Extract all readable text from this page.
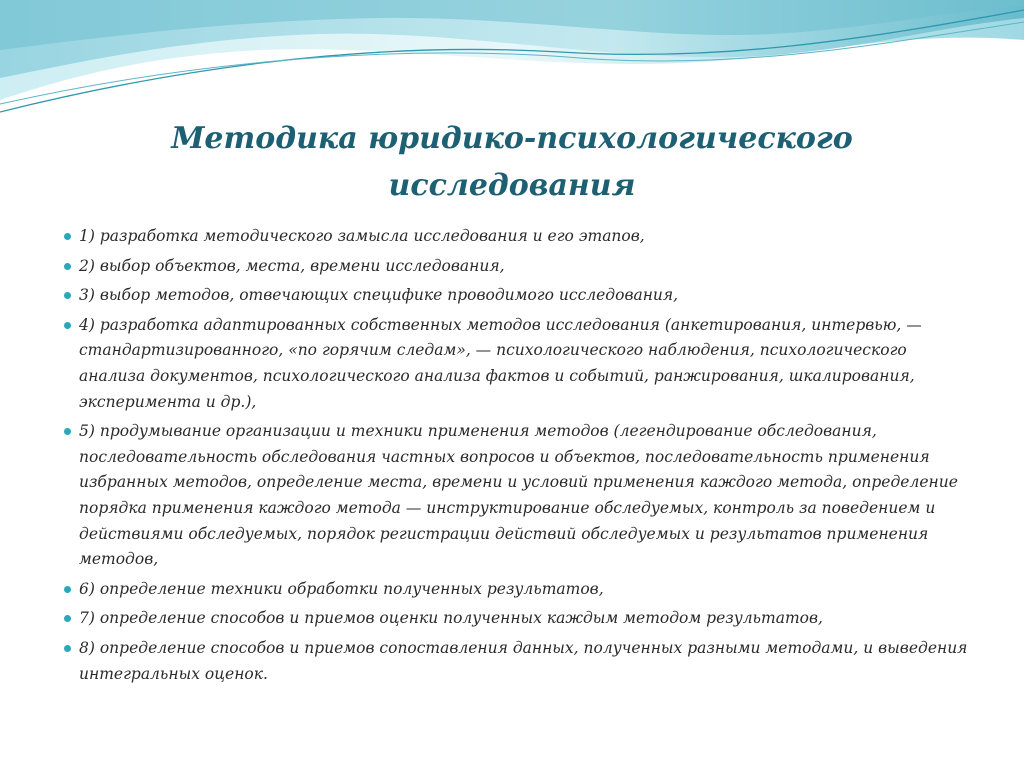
Методика юридико-психологического
исследования
1) разработка методического замысла исследования и его этапов,
2) выбор объектов, места, времени исследования,
3) выбор методов, отвечающих специфике проводимого исследования,
4) разработка адаптированных собственных методов исследования (анкетирования, интервью, — стандартизированного, «по горячим следам», — психологического наблюдения, психологического анализа документов, психологического анализа фактов и событий, ранжирования, шкалирования, эксперимента и др.),
5) продумывание организации и техники применения методов (легендирование обследования, последовательность обследования частных вопросов и объектов, последовательность применения избранных методов, определение места, времени и условий применения каждого метода, определение порядка применения каждого метода — инструктирование обследуемых, контроль за поведением и действиями обследуемых, порядок регистрации действий обследуемых и результатов применения методов,
6) определение техники обработки полученных результатов,
7) определение способов и приемов оценки полученных каждым методом результатов,
8) определение способов и приемов сопоставления данных, полученных разными методами, и выведения интегральных оценок.
